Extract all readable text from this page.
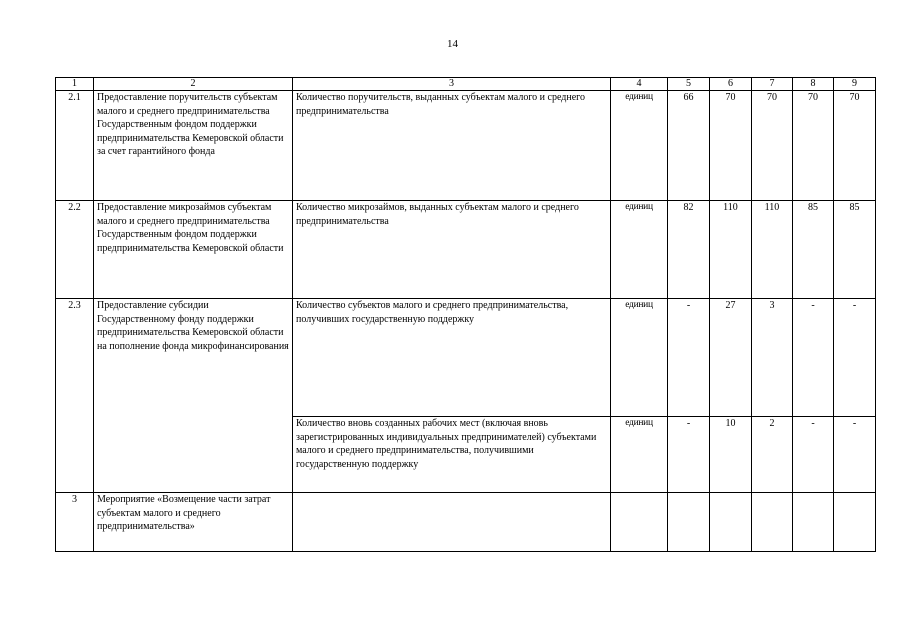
14
1	2	3	4	5	6	7	8	9
2.1	Предоставление поручительств субъектам малого и среднего предпринимательства Государственным фондом поддержки предпринимательства Кемеровской области за счет гарантийного фонда	Количество поручительств, выданных субъектам малого и среднего предпринимательства	единиц	66	70	70	70	70
2.2	Предоставление микрозаймов субъектам малого и среднего предпринимательства Государственным фондом поддержки предпринимательства Кемеровской области	Количество микрозаймов, выданных субъектам малого и среднего предпринимательства	единиц	82	110	110	85	85
2.3	Предоставление субсидии Государственному фонду поддержки предпринимательства Кемеровской области на пополнение фонда микрофинансирования	Количество субъектов малого и среднего предпринимательства, получивших государственную поддержку	единиц	-	27	3	-	-
		Количество вновь созданных рабочих мест (включая вновь зарегистрированных индивидуальных предпринимателей) субъектами малого и среднего предпринимательства, получившими государственную поддержку	единиц	-	10	2	-	-
3	Мероприятие «Возмещение части затрат субъектам малого и среднего предпринимательства»							
